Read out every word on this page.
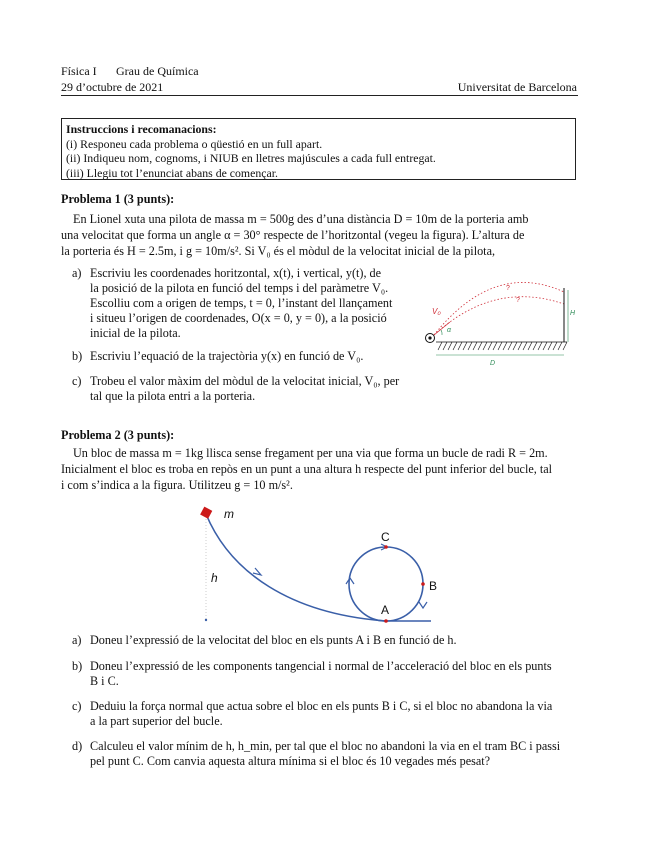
Física I Grau de Química
29 d’octubre de 2021	Universitat de Barcelona
Instruccions i recomanacions:
(i) Responeu cada problema o qüestió en un full apart.
(ii) Indiqueu nom, cognoms, i NIUB en lletres majúscules a cada full entregat.
(iii) Llegiu tot l’enunciat abans de començar.
Problema 1 (3 punts):
En Lionel xuta una pilota de massa m = 500g des d’una distància D = 10m de la porteria amb
una velocitat que forma un angle α = 30° respecte de l’horitzontal (vegeu la figura). L’altura de
la porteria és H = 2.5m, i g = 10m/s². Si V₀ és el mòdul de la velocitat inicial de la pilota,
a) Escriviu les coordenades horitzontal, x(t), i vertical, y(t), de
la posició de la pilota en funció del temps i del paràmetre V₀.
Escolliu com a origen de temps, t = 0, l’instant del llançament
i situeu l’origen de coordenades, O(x = 0, y = 0), a la posició
inicial de la pilota.
b) Escriviu l’equació de la trajectòria y(x) en funció de V₀.
c) Trobeu el valor màxim del mòdul de la velocitat inicial, V₀, per
tal que la pilota entri a la porteria.
V₀
α
?
?
H
D
Problema 2 (3 punts):
Un bloc de massa m = 1kg llisca sense fregament per una via que forma un bucle de radi R = 2m.
Inicialment el bloc es troba en repòs en un punt a una altura h respecte del punt inferior del bucle, tal
i com s’indica a la figura. Utilitzeu g = 10 m/s².
m
h
A
B
C
a) Doneu l’expressió de la velocitat del bloc en els punts A i B en funció de h.
b) Doneu l’expressió de les components tangencial i normal de l’acceleració del bloc en els punts
B i C.
c) Deduiu la força normal que actua sobre el bloc en els punts B i C, si el bloc no abandona la via
a la part superior del bucle.
d) Calculeu el valor mínim de h, h_min, per tal que el bloc no abandoni la via en el tram BC i passi
pel punt C. Com canvia aquesta altura mínima si el bloc és 10 vegades més pesat?
